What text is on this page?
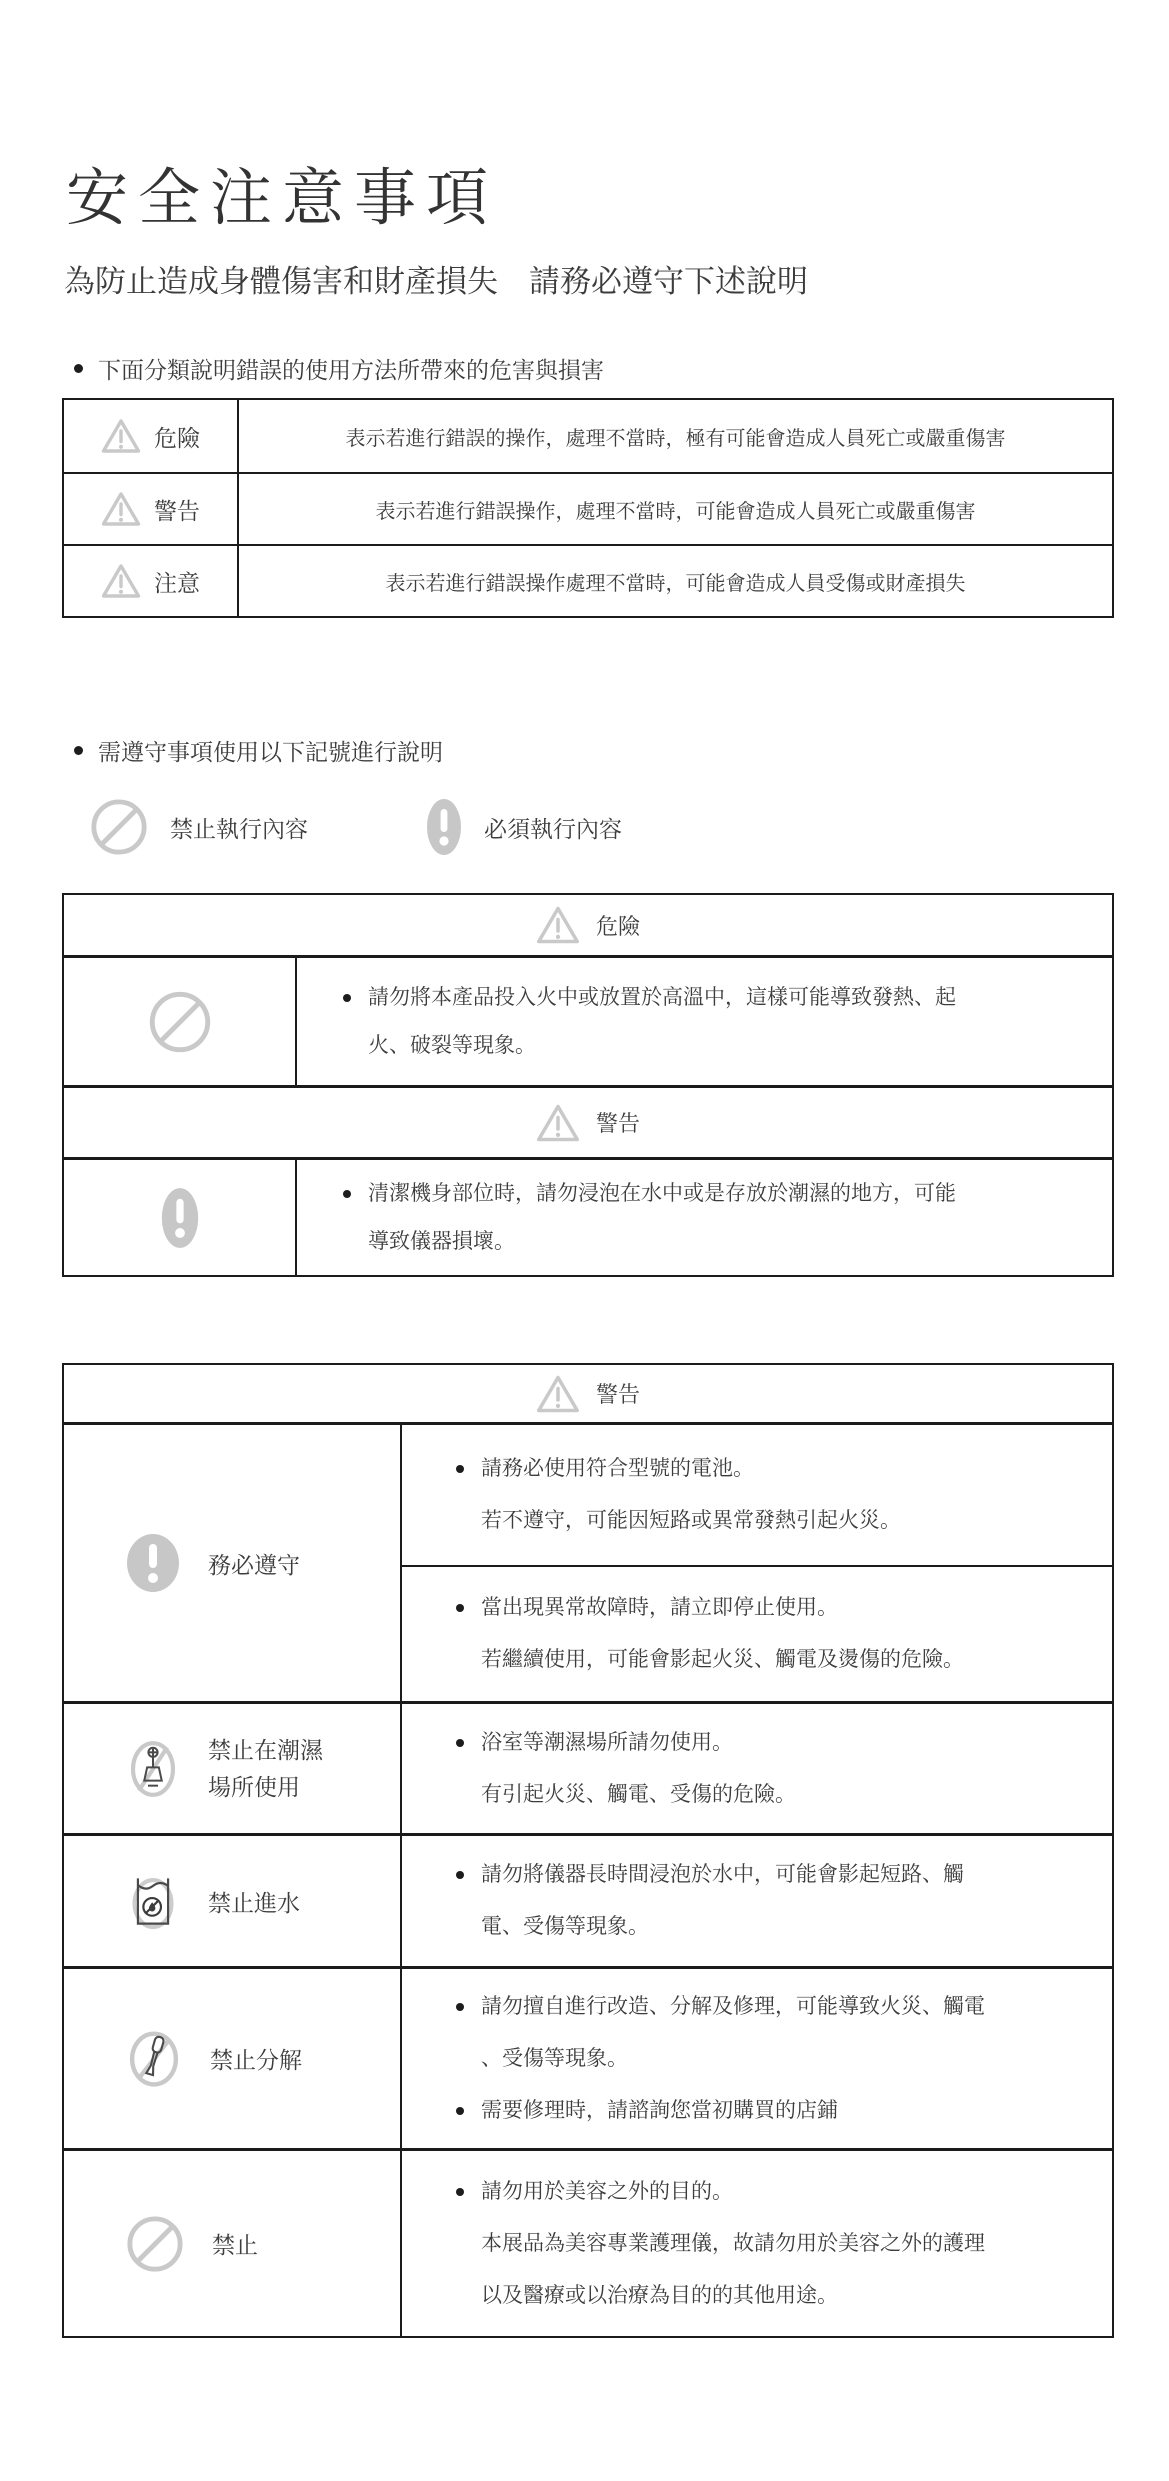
安全注意事項
為防止造成身體傷害和財產損失　請務必遵守下述說明
下面分類說明錯誤的使用方法所帶來的危害與損害
危險	表示若進行錯誤的操作，處理不當時，極有可能會造成人員死亡或嚴重傷害
警告	表示若進行錯誤操作，處理不當時，可能會造成人員死亡或嚴重傷害
注意	表示若進行錯誤操作處理不當時，可能會造成人員受傷或財產損失
需遵守事項使用以下記號進行說明
禁止執行內容	必須執行內容
危險
請勿將本產品投入火中或放置於高溫中，這樣可能導致發熱、起
火、破裂等現象。
警告
清潔機身部位時，請勿浸泡在水中或是存放於潮濕的地方，可能
導致儀器損壞。
警告
務必遵守
請務必使用符合型號的電池。
若不遵守，可能因短路或異常發熱引起火災。
當出現異常故障時，請立即停止使用。
若繼續使用，可能會影起火災、觸電及燙傷的危險。
禁止在潮濕
場所使用
浴室等潮濕場所請勿使用。
有引起火災、觸電、受傷的危險。
禁止進水
請勿將儀器長時間浸泡於水中，可能會影起短路、觸
電、受傷等現象。
禁止分解
請勿擅自進行改造、分解及修理，可能導致火災、觸電
、受傷等現象。
需要修理時，請諮詢您當初購買的店鋪
禁止
請勿用於美容之外的目的。
本展品為美容專業護理儀，故請勿用於美容之外的護理
以及醫療或以治療為目的的其他用途。
